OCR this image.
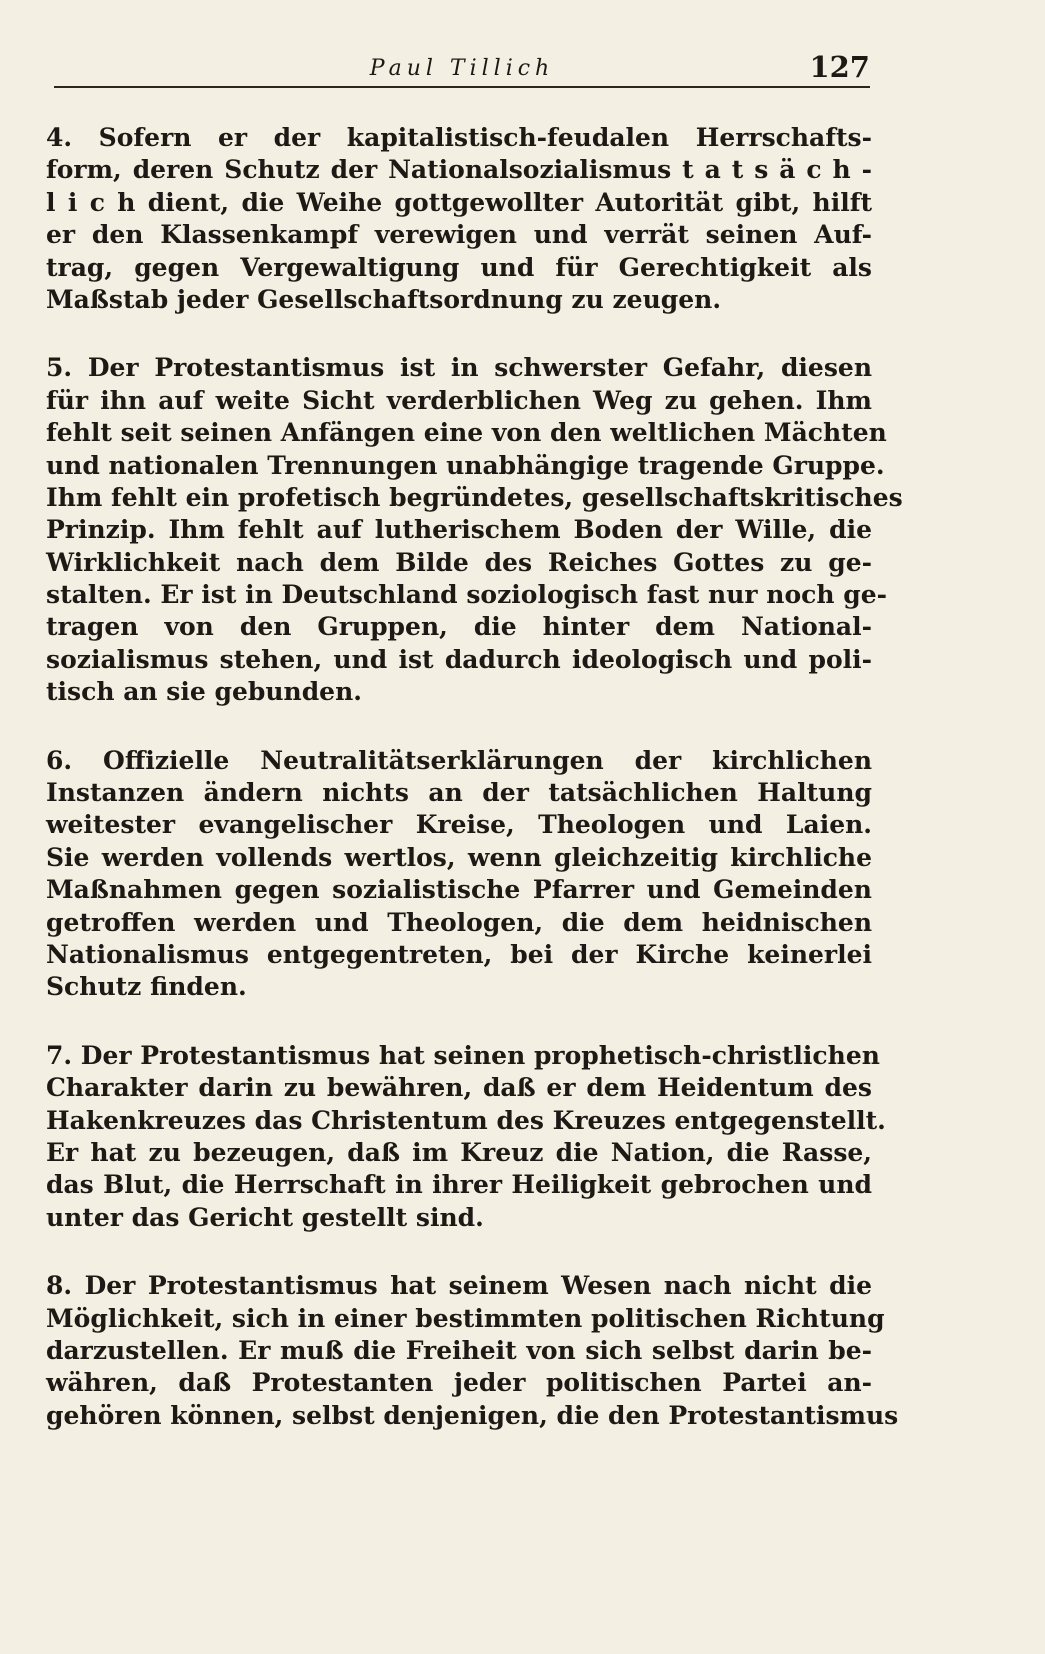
Paul Tillich	127
4. Sofern er der kapitalistisch-feudalen Herrschafts-
form, deren Schutz der Nationalsozialismus t a t s ä c h -
l i c h dient, die Weihe gottgewollter Autorität gibt, hilft
er den Klassenkampf verewigen und verrät seinen Auf-
trag, gegen Vergewaltigung und für Gerechtigkeit als
Maßstab jeder Gesellschaftsordnung zu zeugen.
5. Der Protestantismus ist in schwerster Gefahr, diesen
für ihn auf weite Sicht verderblichen Weg zu gehen. Ihm
fehlt seit seinen Anfängen eine von den weltlichen Mächten
und nationalen Trennungen unabhängige tragende Gruppe.
Ihm fehlt ein profetisch begründetes, gesellschaftskritisches
Prinzip. Ihm fehlt auf lutherischem Boden der Wille, die
Wirklichkeit nach dem Bilde des Reiches Gottes zu ge-
stalten. Er ist in Deutschland soziologisch fast nur noch ge-
tragen von den Gruppen, die hinter dem National-
sozialismus stehen, und ist dadurch ideologisch und poli-
tisch an sie gebunden.
6. Offizielle Neutralitätserklärungen der kirchlichen
Instanzen ändern nichts an der tatsächlichen Haltung
weitester evangelischer Kreise, Theologen und Laien.
Sie werden vollends wertlos, wenn gleichzeitig kirchliche
Maßnahmen gegen sozialistische Pfarrer und Gemeinden
getroffen werden und Theologen, die dem heidnischen
Nationalismus entgegentreten, bei der Kirche keinerlei
Schutz finden.
7. Der Protestantismus hat seinen prophetisch-christlichen
Charakter darin zu bewähren, daß er dem Heidentum des
Hakenkreuzes das Christentum des Kreuzes entgegenstellt.
Er hat zu bezeugen, daß im Kreuz die Nation, die Rasse,
das Blut, die Herrschaft in ihrer Heiligkeit gebrochen und
unter das Gericht gestellt sind.
8. Der Protestantismus hat seinem Wesen nach nicht die
Möglichkeit, sich in einer bestimmten politischen Richtung
darzustellen. Er muß die Freiheit von sich selbst darin be-
währen, daß Protestanten jeder politischen Partei an-
gehören können, selbst denjenigen, die den Protestantismus
